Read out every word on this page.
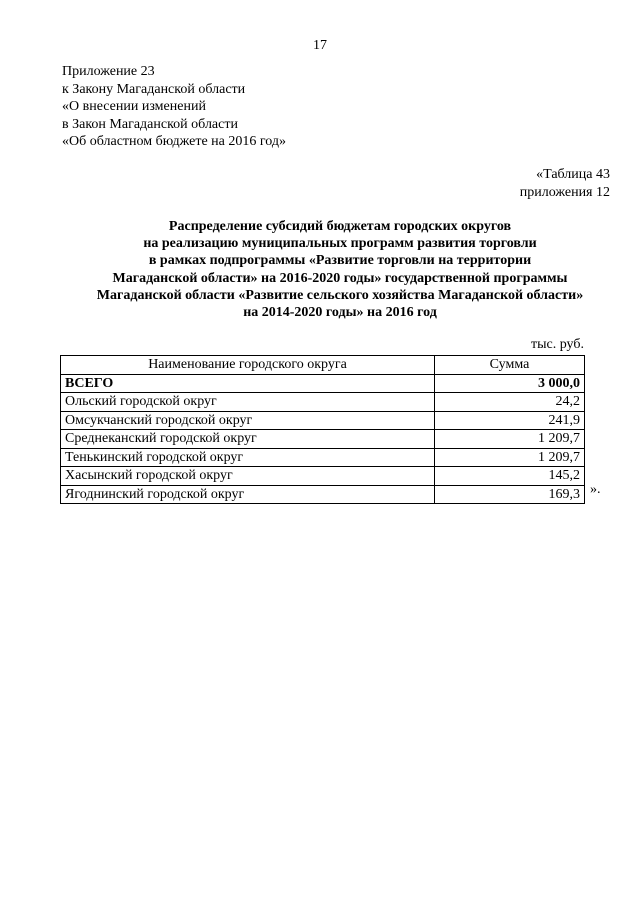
17
Приложение 23
к Закону Магаданской области
«О внесении изменений
в Закон Магаданской области
«Об областном бюджете на 2016 год»
«Таблица 43
приложения 12
Распределение субсидий бюджетам городских округов
на реализацию муниципальных программ развития торговли
в рамках подпрограммы «Развитие торговли на территории
Магаданской области» на 2016-2020 годы» государственной программы
Магаданской области «Развитие сельского хозяйства Магаданской области»
на 2014-2020 годы» на 2016 год
тыс. руб.
Наименование городского округа	Сумма
ВСЕГО	3 000,0
Ольский городской округ	24,2
Омсукчанский городской округ	241,9
Среднеканский городской округ	1 209,7
Тенькинский городской округ	1 209,7
Хасынский городской округ	145,2
Ягоднинский городской округ	169,3 ».
